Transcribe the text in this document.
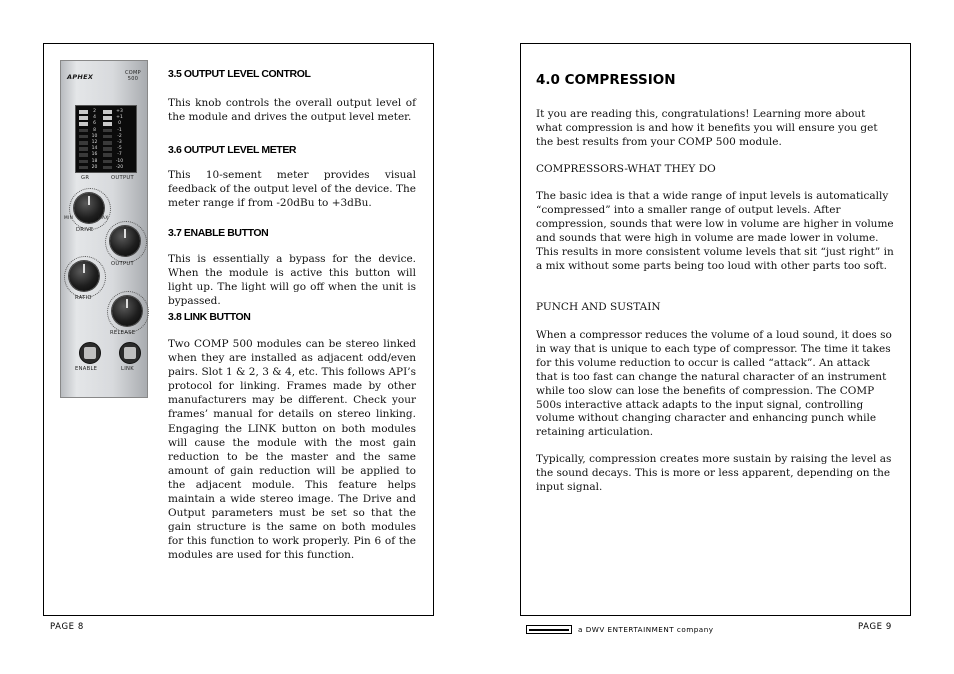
APHEX	COMP
500
2	+3
4	+1
6	0
8	-1
10	-2
12	-3
14	-5
16	-7
18	-10
20	-20
GR	OUTPUT
MIN	MAX
DRIVE
OUTPUT
RATIO
RELEASE
ENABLE	LINK
3.5 OUTPUT LEVEL CONTROL

This knob controls the overall output level of the module and drives the output level meter.

3.6 OUTPUT LEVEL METER

This 10-sement meter provides visual feedback of the output level of the device. The meter range if from -20dBu to +3dBu.

3.7 ENABLE BUTTON

This is essentially a bypass for the device. When the module is active this button will light up. The light will go off when the unit is bypassed.

3.8 LINK BUTTON

Two COMP 500 modules can be stereo linked when they are installed as adjacent odd/even pairs. Slot 1 & 2, 3 & 4, etc. This follows API’s protocol for linking. Frames made by other manufacturers may be different. Check your frames’ manual for details on stereo linking. Engaging the LINK button on both modules will cause the module with the most gain reduction to be the master and the same amount of gain reduction will be applied to the adjacent module. This feature helps maintain a wide stereo image. The Drive and Output parameters must be set so that the gain structure is the same on both modules for this function to work properly. Pin 6 of the modules are used for this function.

PAGE 8
4.0 COMPRESSION

It you are reading this, congratulations! Learning more about what compression is and how it benefits you will ensure you get the best results from your COMP 500 module.

COMPRESSORS-WHAT THEY DO

The basic idea is that a wide range of input levels is automatically “compressed” into a smaller range of output levels. After compression, sounds that were low in volume are higher in volume and sounds that were high in volume are made lower in volume. This results in more consistent volume levels that sit “just right” in a mix without some parts being too loud with other parts too soft.

PUNCH AND SUSTAIN

When a compressor reduces the volume of a loud sound, it does so in way that is unique to each type of compressor. The time it takes for this volume reduction to occur is called “attack”. An attack that is too fast can change the natural character of an instrument while too slow can lose the benefits of compression. The COMP 500s interactive attack adapts to the input signal, controlling volume without changing character and enhancing punch while retaining articulation.

Typically, compression creates more sustain by raising the level as the sound decays. This is more or less apparent, depending on the input signal.

a DWV ENTERTAINMENT company	PAGE 9
